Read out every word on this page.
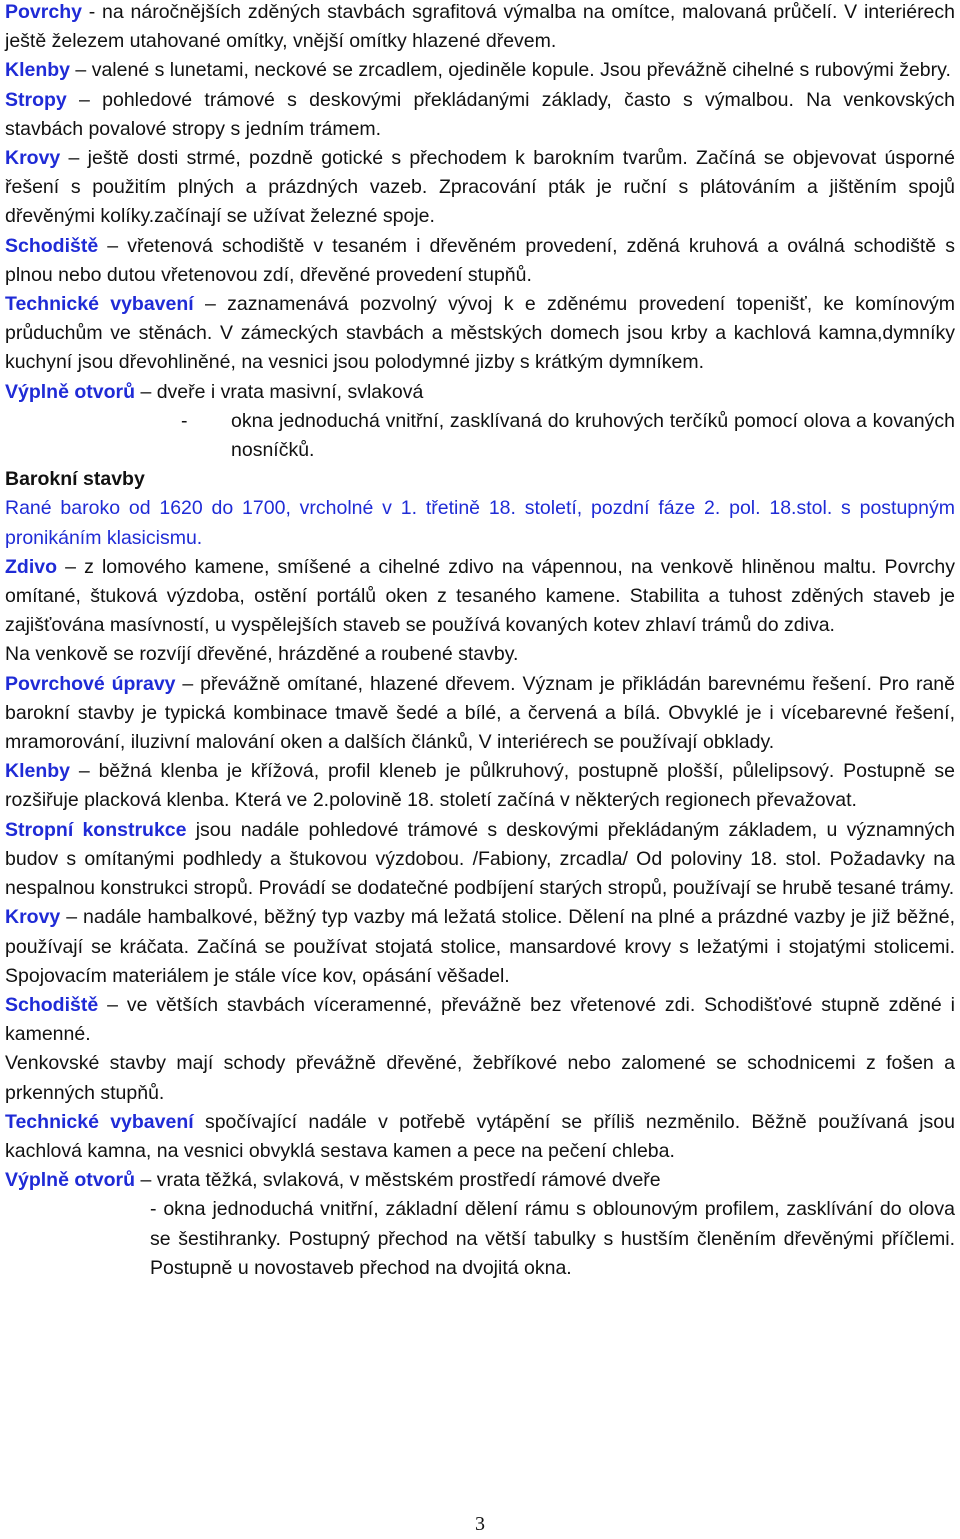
Povrchy - na náročnějších zděných stavbách sgrafitová výmalba na omítce, malovaná průčelí. V interiérech ještě železem utahované omítky, vnější omítky hlazené dřevem.

Klenby – valené s lunetami, neckové se zrcadlem, ojediněle kopule. Jsou převážně cihelné s rubovými žebry.

Stropy – pohledové trámové s deskovými překládanými základy, často s výmalbou. Na venkovských stavbách povalové stropy s jedním trámem.

Krovy – ještě dosti strmé, pozdně gotické s přechodem k barokním tvarům. Začíná se objevovat úsporné řešení s použitím plných a prázdných vazeb. Zpracování pták je ruční s plátováním a jištěním spojů dřevěnými kolíky.začínají se užívat železné spoje.

Schodiště – vřetenová schodiště v tesaném i dřevěném provedení, zděná kruhová a oválná schodiště s plnou nebo dutou vřetenovou zdí, dřevěné provedení stupňů.

Technické vybavení – zaznamenává pozvolný vývoj k e zděnému provedení topenišť, ke komínovým průduchům ve stěnách. V zámeckých stavbách a městských domech jsou krby a kachlová kamna,dymníky kuchyní jsou dřevohliněné, na vesnici jsou polodymné jizby s krátkým dymníkem.

Výplně otvorů – dveře i vrata masivní, svlaková

-	okna jednoduchá vnitřní, zasklívaná do kruhových terčíků pomocí olova a kovaných nosníčků.

Barokní stavby

Rané baroko od 1620 do 1700, vrcholné v 1. třetině 18. století, pozdní fáze 2. pol. 18.stol. s postupným pronikáním klasicismu.

Zdivo – z lomového kamene, smíšené a cihelné zdivo na vápennou, na venkově hliněnou maltu. Povrchy omítané, štuková výzdoba, ostění portálů oken z tesaného kamene. Stabilita a tuhost zděných staveb je zajišťována masívností, u vyspělejších staveb se používá kovaných kotev zhlaví trámů do zdiva.

Na venkově se rozvíjí dřevěné, hrázděné a roubené stavby.

Povrchové úpravy – převážně omítané, hlazené dřevem. Význam je přikládán barevnému řešení. Pro raně barokní stavby je typická kombinace tmavě šedé a bílé, a červená a bílá. Obvyklé je i vícebarevné řešení, mramorování, iluzivní malování oken a dalších článků, V interiérech se používají obklady.

Klenby – běžná klenba je křížová, profil kleneb je půlkruhový, postupně plošší, půlelipsový. Postupně se rozšiřuje placková klenba. Která ve 2.polovině 18. století začíná v některých regionech převažovat.

Stropní konstrukce jsou nadále pohledové trámové s deskovými překládaným základem, u významných budov s omítanými podhledy a štukovou výzdobou. /Fabiony, zrcadla/ Od poloviny 18. stol. Požadavky na nespalnou konstrukci stropů. Provádí se dodatečné podbíjení starých stropů, používají se hrubě tesané trámy.

Krovy – nadále hambalkové, běžný typ vazby má ležatá stolice. Dělení na plné a prázdné vazby je již běžné, používají se kráčata. Začíná se používat stojatá stolice, mansardové krovy s ležatými i stojatými stolicemi. Spojovacím materiálem je stále více kov, opásání věšadel.

Schodiště – ve větších stavbách víceramenné, převážně bez vřetenové zdi. Schodišťové stupně zděné i kamenné.

Venkovské stavby mají schody převážně dřevěné, žebříkové nebo zalomené se schodnicemi z fošen a prkenných stupňů.

Technické vybavení spočívající nadále v potřebě vytápění se příliš nezměnilo. Běžně používaná jsou kachlová kamna, na vesnici obvyklá sestava kamen a pece na pečení chleba.

Výplně otvorů – vrata těžká, svlaková, v městském prostředí rámové dveře

- okna jednoduchá vnitřní, základní dělení rámu s oblounovým profilem, zasklívání do olova se šestihranky. Postupný přechod na větší tabulky s hustším členěním dřevěnými příčlemi. Postupně u novostaveb přechod na dvojitá okna.

3
